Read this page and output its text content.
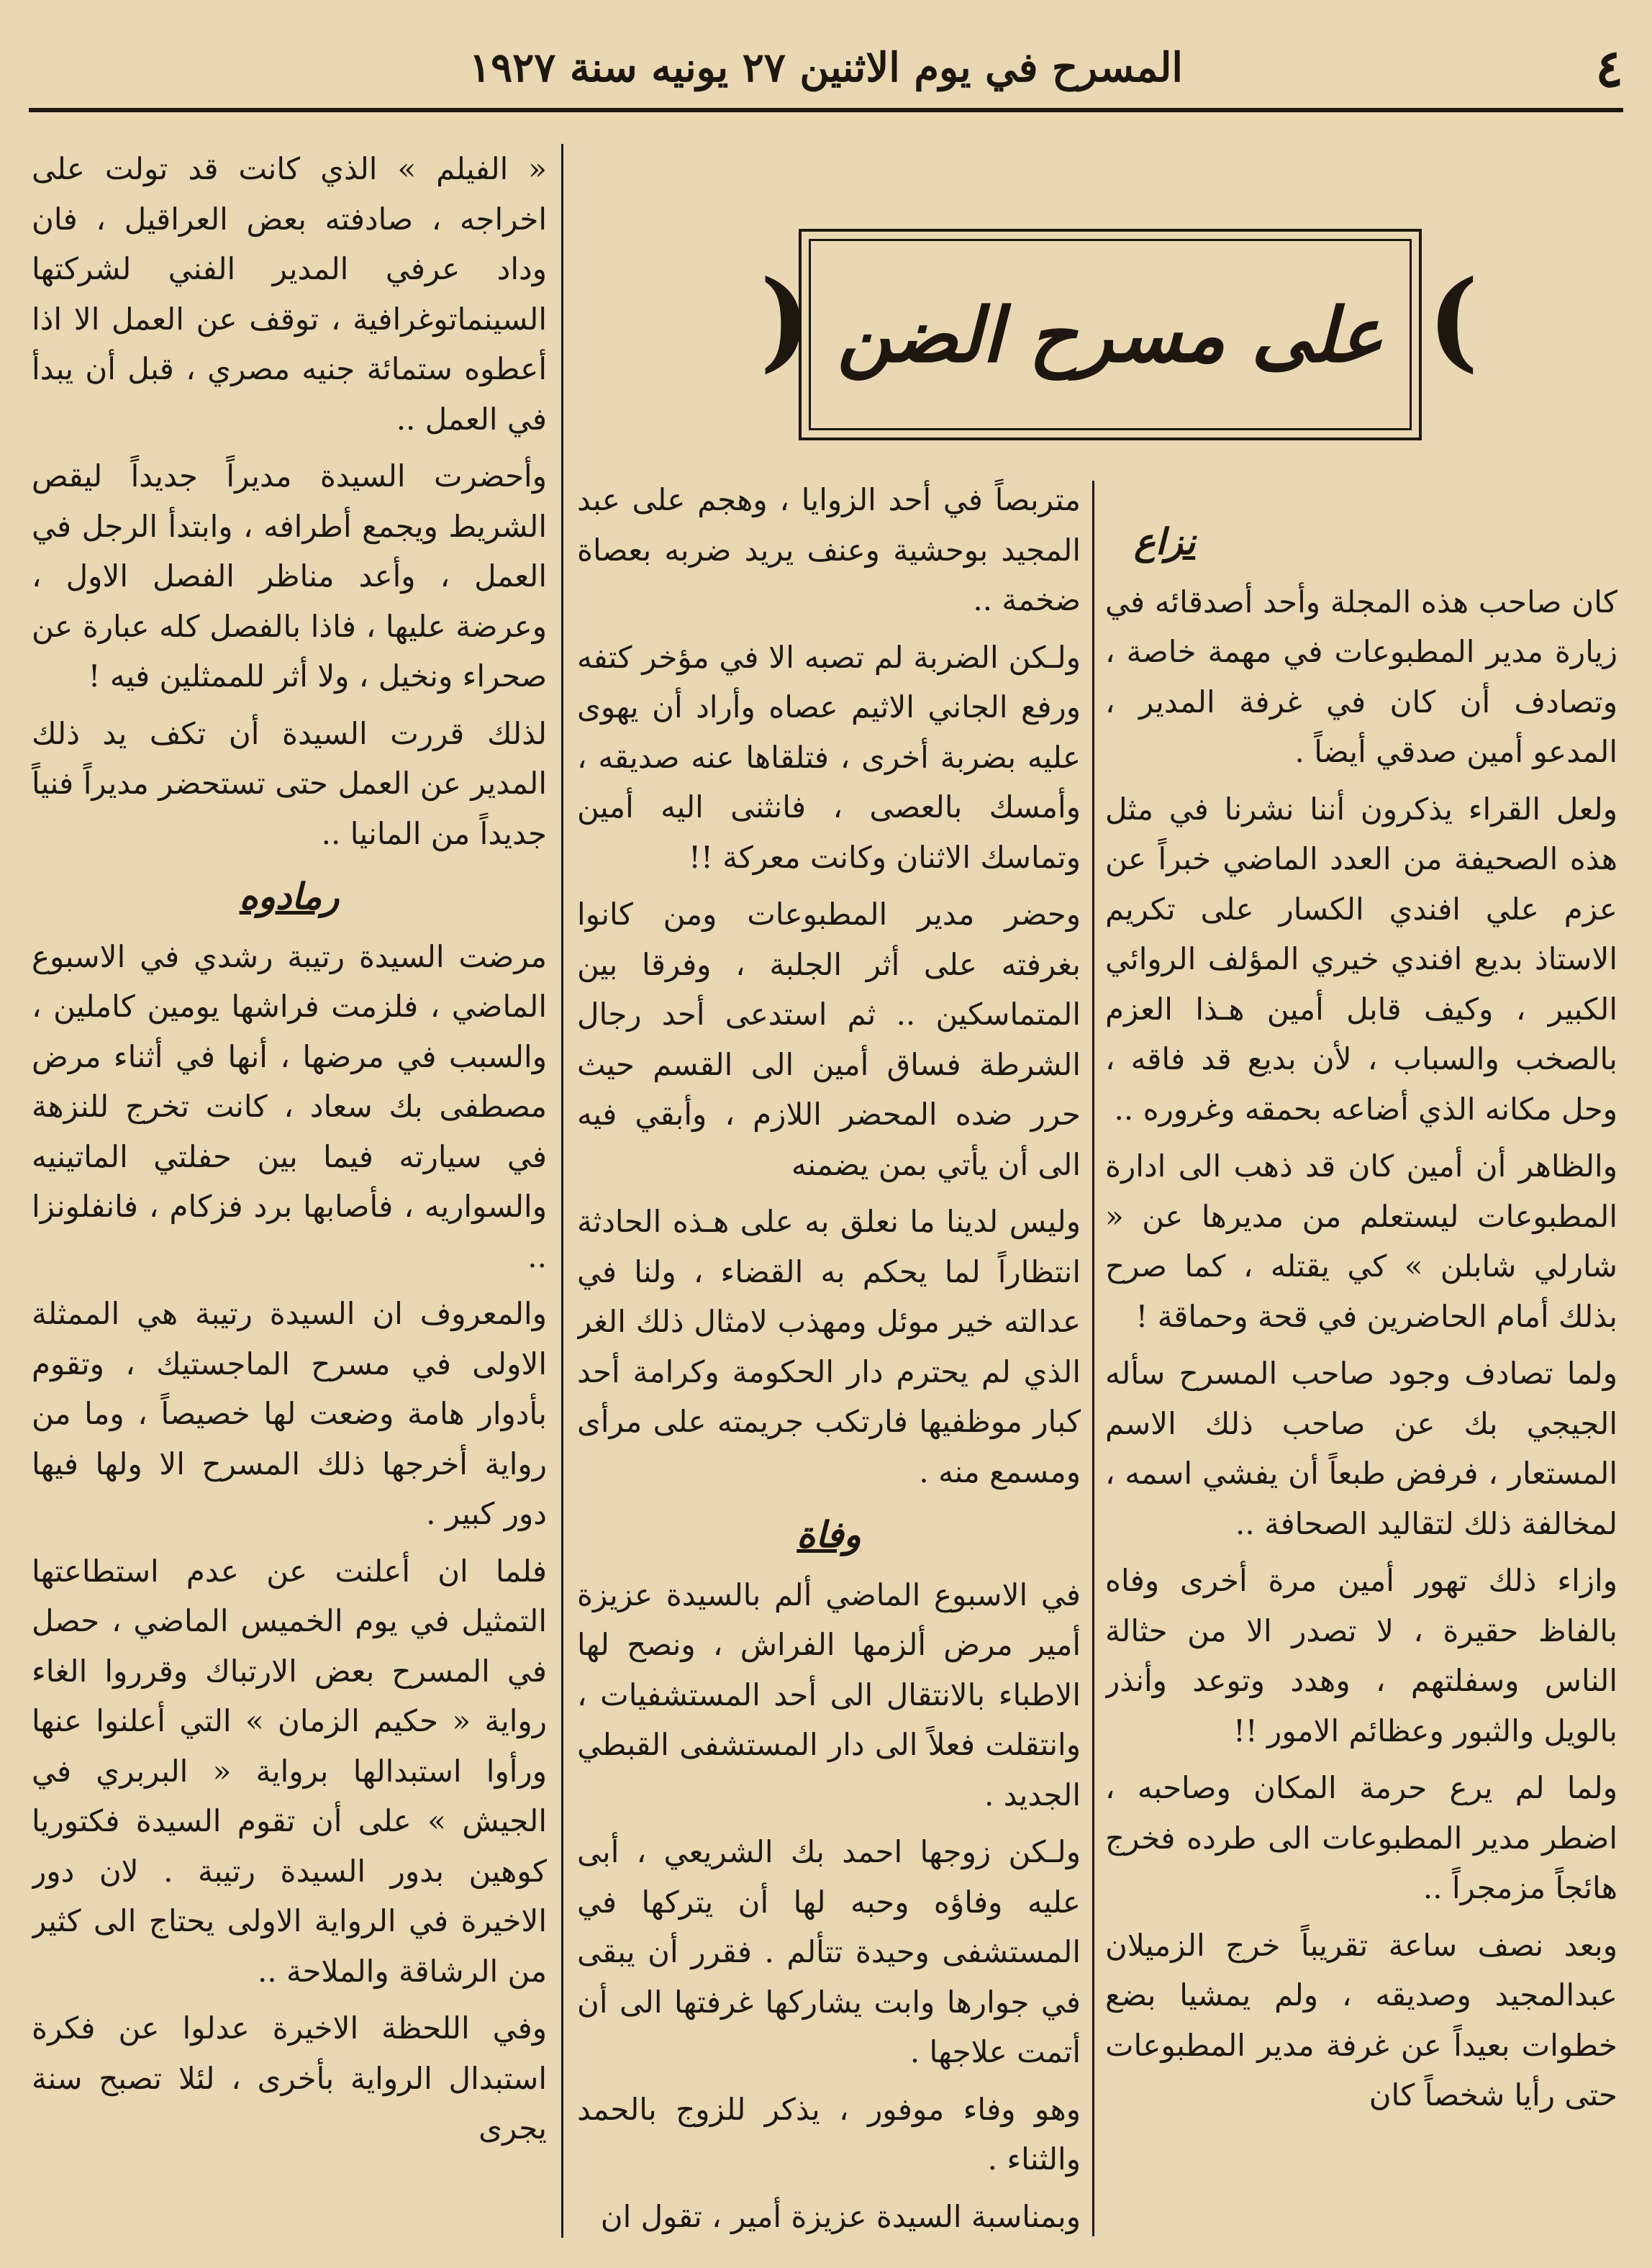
٤
المسرح في يوم الاثنين ٢٧ يونيه سنة ١٩٢٧
)
( على مسرح الضن
نزاع

كان صاحب هذه المجلة وأحد أصدقائه في زيارة مدير المطبوعات في مهمة خاصة ، وتصادف أن كان في غرفة المدير ، المدعو أمين صدقي أيضاً .

ولعل القراء يذكرون أننا نشرنا في مثل هذه الصحيفة من العدد الماضي خبراً عن عزم علي افندي الكسار على تكريم الاستاذ بديع افندي خيري المؤلف الروائي الكبير ، وكيف قابل أمين هـذا العزم بالصخب والسباب ، لأن بديع قد فاقه ، وحل مكانه الذي أضاعه بحمقه وغروره ..

والظاهر أن أمين كان قد ذهب الى ادارة المطبوعات ليستعلم من مديرها عن « شارلي شابلن » كي يقتله ، كما صرح بذلك أمام الحاضرين في قحة وحماقة !

ولما تصادف وجود صاحب المسرح سأله الجيجي بك عن صاحب ذلك الاسم المستعار ، فرفض طبعاً أن يفشي اسمه ، لمخالفة ذلك لتقاليد الصحافة ..

وازاء ذلك تهور أمين مرة أخرى وفاه بالفاظ حقيرة ، لا تصدر الا من حثالة الناس وسفلتهم ، وهدد وتوعد وأنذر بالويل والثبور وعظائم الامور !!

ولما لم يرع حرمة المكان وصاحبه ، اضطر مدير المطبوعات الى طرده فخرج هائجاً مزمجراً ..

وبعد نصف ساعة تقريباً خرج الزميلان عبدالمجيد وصديقه ، ولم يمشيا بضع خطوات بعيداً عن غرفة مدير المطبوعات حتى رأيا شخصاً كان

متربصاً في أحد الزوايا ، وهجم على عبد المجيد بوحشية وعنف يريد ضربه بعصاة ضخمة ..

ولـكن الضربة لم تصبه الا في مؤخر كتفه ورفع الجاني الاثيم عصاه وأراد أن يهوى عليه بضربة أخرى ، فتلقاها عنه صديقه ، وأمسك بالعصى ، فانثنى اليه أمين وتماسك الاثنان وكانت معركة !!

وحضر مدير المطبوعات ومن كانوا بغرفته على أثر الجلبة ، وفرقا بين المتماسكين .. ثم استدعى أحد رجال الشرطة فساق أمين الى القسم حيث حرر ضده المحضر اللازم ، وأبقي فيه الى أن يأتي بمن يضمنه

وليس لدينا ما نعلق به على هـذه الحادثة انتظاراً لما يحكم به القضاء ، ولنا في عدالته خير موئل ومهذب لامثال ذلك الغر الذي لم يحترم دار الحكومة وكرامة أحد كبار موظفيها فارتكب جريمته على مرأى ومسمع منه .

وفاة

في الاسبوع الماضي ألم بالسيدة عزيزة أمير مرض ألزمها الفراش ، ونصح لها الاطباء بالانتقال الى أحد المستشفيات ، وانتقلت فعلاً الى دار المستشفى القبطي الجديد .

ولـكن زوجها احمد بك الشريعي ، أبى عليه وفاؤه وحبه لها أن يتركها في المستشفى وحيدة تتألم . فقرر أن يبقى في جوارها وابت يشاركها غرفتها الى أن أتمت علاجها .

وهو وفاء موفور ، يذكر للزوج بالحمد والثناء .

وبمناسبة السيدة عزيزة أمير ، تقول ان

« الفيلم » الذي كانت قد تولت على اخراجه ، صادفته بعض العراقيل ، فان وداد عرفي المدير الفني لشركتها السينماتوغرافية ، توقف عن العمل الا اذا أعطوه ستمائة جنيه مصري ، قبل أن يبدأ في العمل ..

وأحضرت السيدة مديراً جديداً ليقص الشريط ويجمع أطرافه ، وابتدأ الرجل في العمل ، وأعد مناظر الفصل الاول ، وعرضة عليها ، فاذا بالفصل كله عبارة عن صحراء ونخيل ، ولا أثر للممثلين فيه !

لذلك قررت السيدة أن تكف يد ذلك المدير عن العمل حتى تستحضر مديراً فنياً جديداً من المانيا ..

رمادوه

مرضت السيدة رتيبة رشدي في الاسبوع الماضي ، فلزمت فراشها يومين كاملين ، والسبب في مرضها ، أنها في أثناء مرض مصطفى بك سعاد ، كانت تخرج للنزهة في سيارته فيما بين حفلتي الماتينيه والسواريه ، فأصابها برد فزكام ، فانفلونزا ..

والمعروف ان السيدة رتيبة هي الممثلة الاولى في مسرح الماجستيك ، وتقوم بأدوار هامة وضعت لها خصيصاً ، وما من رواية أخرجها ذلك المسرح الا ولها فيها دور كبير .

فلما ان أعلنت عن عدم استطاعتها التمثيل في يوم الخميس الماضي ، حصل في المسرح بعض الارتباك وقرروا الغاء رواية « حكيم الزمان » التي أعلنوا عنها ورأوا استبدالها برواية « البربري في الجيش » على أن تقوم السيدة فكتوريا كوهين بدور السيدة رتيبة . لان دور الاخيرة في الرواية الاولى يحتاج الى كثير من الرشاقة والملاحة ..

وفي اللحظة الاخيرة عدلوا عن فكرة استبدال الرواية بأخرى ، لئلا تصبح سنة يجرى
